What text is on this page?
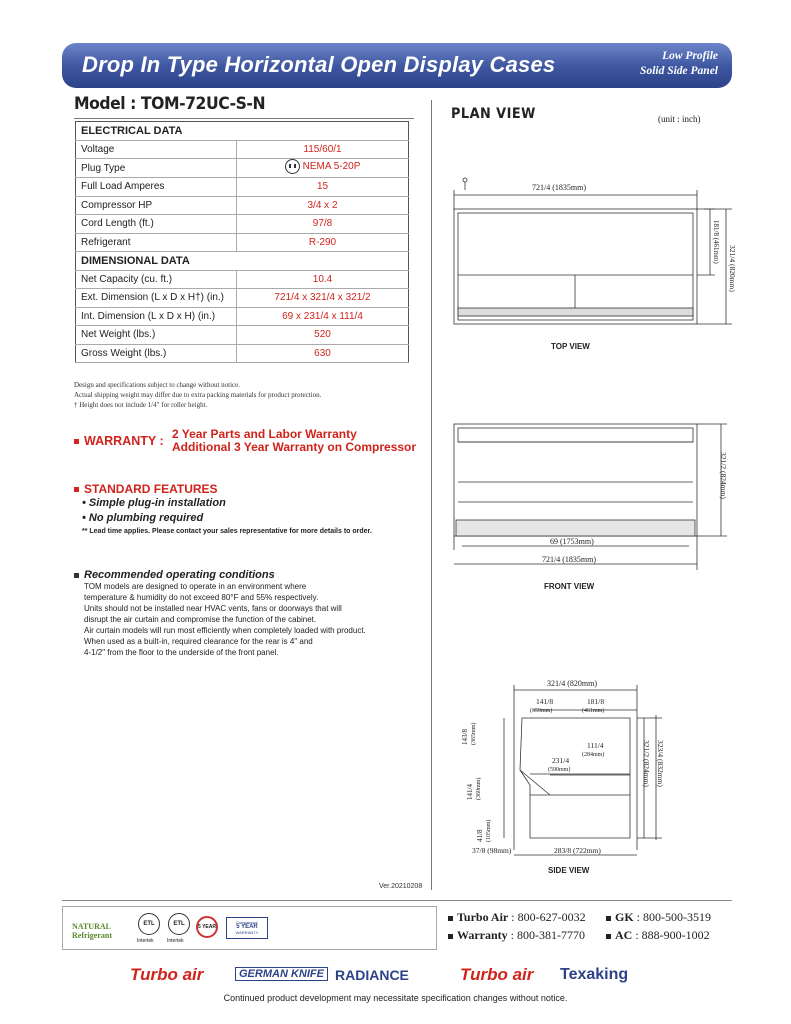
Drop In Type Horizontal Open Display Cases	Low Profile
Solid Side Panel
Model : TOM-72UC-S-N
ELECTRICAL DATA	
Voltage	115/60/1
Plug Type	NEMA 5-20P

Full Load Amperes	15
Compressor HP	3/4 x 2
Cord Length (ft.)	97/8
Refrigerant	R-290
DIMENSIONAL DATA	
Net Capacity (cu. ft.)	10.4
Ext. Dimension (L x D x H†) (in.)	721/4 x 321/4 x 321/2
Int. Dimension (L x D x H) (in.)	69 x 231/4 x 111/4
Net Weight (lbs.)	520
Gross Weight (lbs.)	630
Design and specifications subject to change without notice.
Actual shipping weight may differ due to extra packing materials for product protection.
† Height does not include 1/4" for roller height.
WARRANTY : 2 Year Parts and Labor Warranty
Additional 3 Year Warranty on Compressor
STANDARD FEATURES
• Simple plug-in installation
• No plumbing required
** Lead time applies. Please contact your sales representative for more details to order.
Recommended operating conditions
TOM models are designed to operate in an environment where
temperature & humidity do not exceed 80°F and 55% respectively.
Units should not be installed near HVAC vents, fans or doorways that will
disrupt the air curtain and compromise the function of the cabinet.
Air curtain models will run most efficiently when completely loaded with product.
When used as a built-in, required clearance for the rear is 4" and
4-1/2" from the floor to the underside of the front panel.
Ver.20210208
PLAN VIEW	(unit : inch)
721/4 (1835mm)
181/8 (461mm)
321/4 (820mm)
321/2 (824mm)
69 (1753mm)
721/4 (1835mm)
321/4 (820mm)
141/8
(359mm)
181/8
(461mm)
111/4
(284mm)
231/4
(590mm)
143/8 (365mm)
141/4 (360mm)
41/8 (105mm)
321/2 (824mm) 323/4 (832mm)
37/8 (98mm)	283/8 (722mm)
TOP VIEW
FRONT VIEW
SIDE VIEW
NATURAL
Refrigerant
ETL
Intertek
ETL
Intertek
5 YEAR
Compressor
5 YEAR
WARRANTY
Turbo Air : 800-627-0032	GK : 800-500-3519
Warranty : 800-381-7770	AC : 888-900-1002
Turbo air	GERMAN KNIFE RADIANCE	Turbo air Texaking
Continued product development may necessitate specification changes without notice.
